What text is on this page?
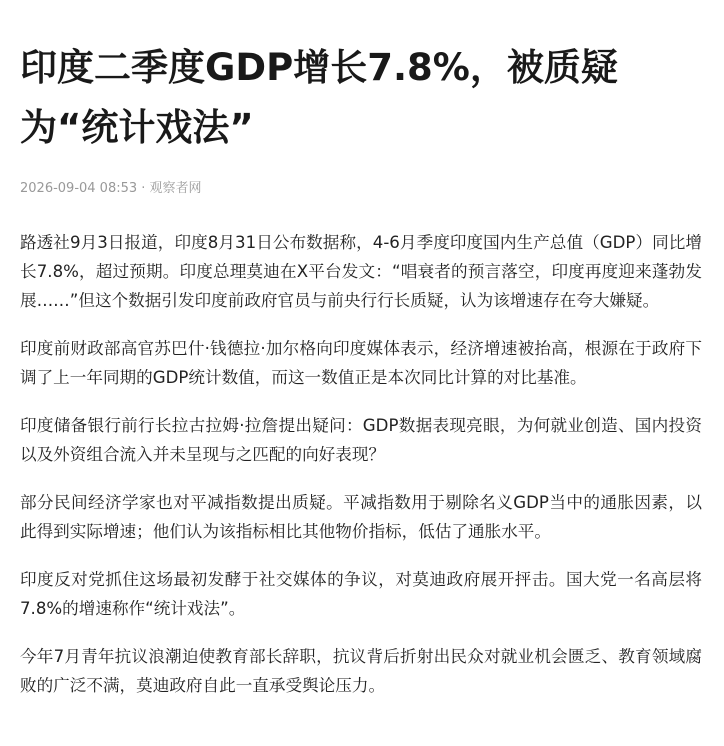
印度二季度GDP增长7.8%，被质疑为“统计戏法”
2026-09-04 08:53 · 观察者网

路透社9月3日报道，印度8月31日公布数据称，4-6月季度印度国内生产总值（GDP）同比增长7.8%，超过预期。印度总理莫迪在X平台发文：“唱衰者的预言落空，印度再度迎来蓬勃发展……”但这个数据引发印度前政府官员与前央行行长质疑，认为该增速存在夸大嫌疑。

印度前财政部高官苏巴什·钱德拉·加尔格向印度媒体表示，经济增速被抬高，根源在于政府下调了上一年同期的GDP统计数值，而这一数值正是本次同比计算的对比基准。

印度储备银行前行长拉古拉姆·拉詹提出疑问：GDP数据表现亮眼，为何就业创造、国内投资以及外资组合流入并未呈现与之匹配的向好表现？

部分民间经济学家也对平减指数提出质疑。平减指数用于剔除名义GDP当中的通胀因素，以此得到实际增速；他们认为该指标相比其他物价指标，低估了通胀水平。

印度反对党抓住这场最初发酵于社交媒体的争议，对莫迪政府展开抨击。国大党一名高层将7.8%的增速称作“统计戏法”。

今年7月青年抗议浪潮迫使教育部长辞职，抗议背后折射出民众对就业机会匮乏、教育领域腐败的广泛不满，莫迪政府自此一直承受舆论压力。
